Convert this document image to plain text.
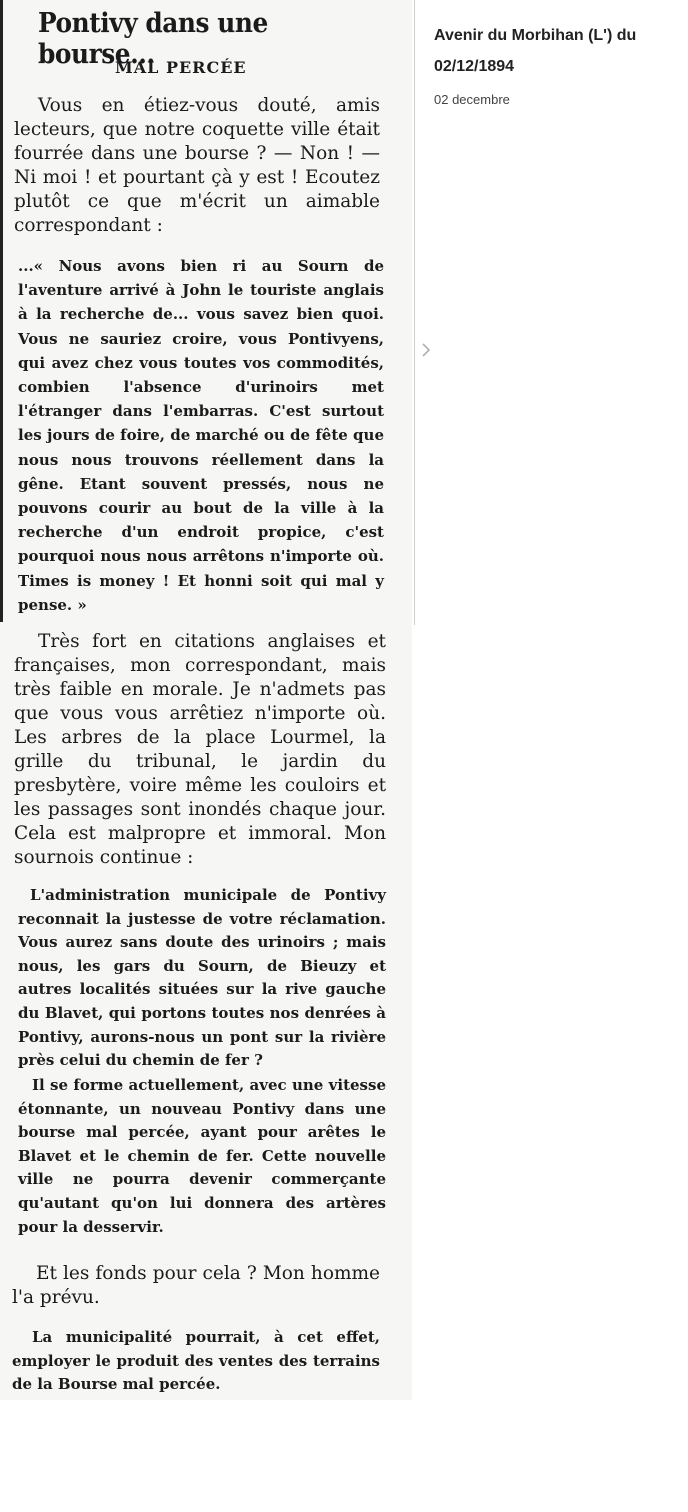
Pontivy dans une bourse...
MAL PERCÉE

Vous en étiez-vous douté, amis lecteurs, que notre coquette ville était fourrée dans une bourse ? — Non ! — Ni moi ! et pourtant çà y est ! Ecoutez plutôt ce que m'écrit un aimable correspondant :

...« Nous avons bien ri au Sourn de l'aventure arrivé à John le touriste anglais à la recherche de... vous savez bien quoi. Vous ne sauriez croire, vous Pontivyens, qui avez chez vous toutes vos commodités, combien l'absence d'urinoirs met l'étranger dans l'embarras. C'est surtout les jours de foire, de marché ou de fête que nous nous trouvons réellement dans la gêne. Etant souvent pressés, nous ne pouvons courir au bout de la ville à la recherche d'un endroit propice, c'est pourquoi nous nous arrêtons n'importe où. Times is money ! Et honni soit qui mal y pense. »

Très fort en citations anglaises et françaises, mon correspondant, mais très faible en morale. Je n'admets pas que vous vous arrêtiez n'importe où. Les arbres de la place Lourmel, la grille du tribunal, le jardin du presbytère, voire même les couloirs et les passages sont inondés chaque jour. Cela est malpropre et immoral. Mon sournois continue :

L'administration municipale de Pontivy reconnait la justesse de votre réclamation. Vous aurez sans doute des urinoirs ; mais nous, les gars du Sourn, de Bieuzy et autres localités situées sur la rive gauche du Blavet, qui portons toutes nos denrées à Pontivy, aurons-nous un pont sur la rivière près celui du chemin de fer ?

Il se forme actuellement, avec une vitesse étonnante, un nouveau Pontivy dans une bourse mal percée, ayant pour arêtes le Blavet et le chemin de fer. Cette nouvelle ville ne pourra devenir commerçante qu'autant qu'on lui donnera des artères pour la desservir.

Et les fonds pour cela ? Mon homme l'a prévu.

La municipalité pourrait, à cet effet, employer le produit des ventes des terrains de la Bourse mal percée.

Avenir du Morbihan (L') du 02/12/1894
02 decembre
